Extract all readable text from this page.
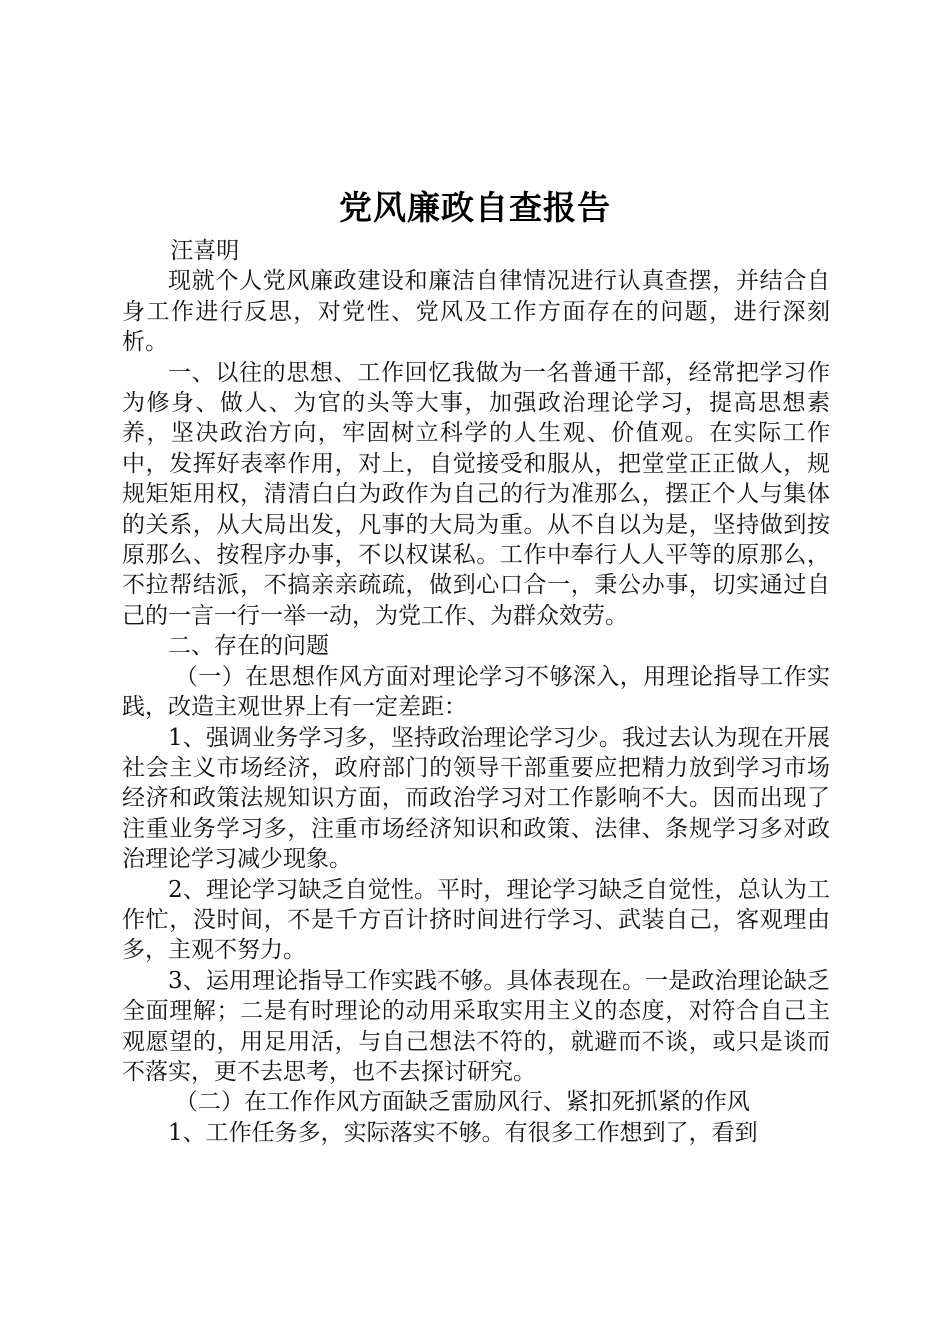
党风廉政自查报告

汪喜明

现就个人党风廉政建设和廉洁自律情况进行认真查摆，并结合自身工作进行反思，对党性、党风及工作方面存在的问题，进行深刻析。

一、以往的思想、工作回忆我做为一名普通干部，经常把学习作为修身、做人、为官的头等大事，加强政治理论学习，提高思想素养，坚决政治方向，牢固树立科学的人生观、价值观。在实际工作中，发挥好表率作用，对上，自觉接受和服从，把堂堂正正做人，规规矩矩用权，清清白白为政作为自己的行为准那么，摆正个人与集体的关系，从大局出发，凡事的大局为重。从不自以为是，坚持做到按原那么、按程序办事，不以权谋私。工作中奉行人人平等的原那么，不拉帮结派，不搞亲亲疏疏，做到心口合一，秉公办事，切实通过自己的一言一行一举一动，为党工作、为群众效劳。

二、存在的问题

（一）在思想作风方面对理论学习不够深入，用理论指导工作实践，改造主观世界上有一定差距：

1、强调业务学习多，坚持政治理论学习少。我过去认为现在开展社会主义市场经济，政府部门的领导干部重要应把精力放到学习市场经济和政策法规知识方面，而政治学习对工作影响不大。因而出现了注重业务学习多，注重市场经济知识和政策、法律、条规学习多对政治理论学习减少现象。

2、理论学习缺乏自觉性。平时，理论学习缺乏自觉性，总认为工作忙，没时间，不是千方百计挤时间进行学习、武装自己，客观理由多，主观不努力。

3、运用理论指导工作实践不够。具体表现在。一是政治理论缺乏全面理解；二是有时理论的动用采取实用主义的态度，对符合自己主观愿望的，用足用活，与自己想法不符的，就避而不谈，或只是谈而不落实，更不去思考，也不去探讨研究。

（二）在工作作风方面缺乏雷励风行、紧扣死抓紧的作风

1、工作任务多，实际落实不够。有很多工作想到了，看到
